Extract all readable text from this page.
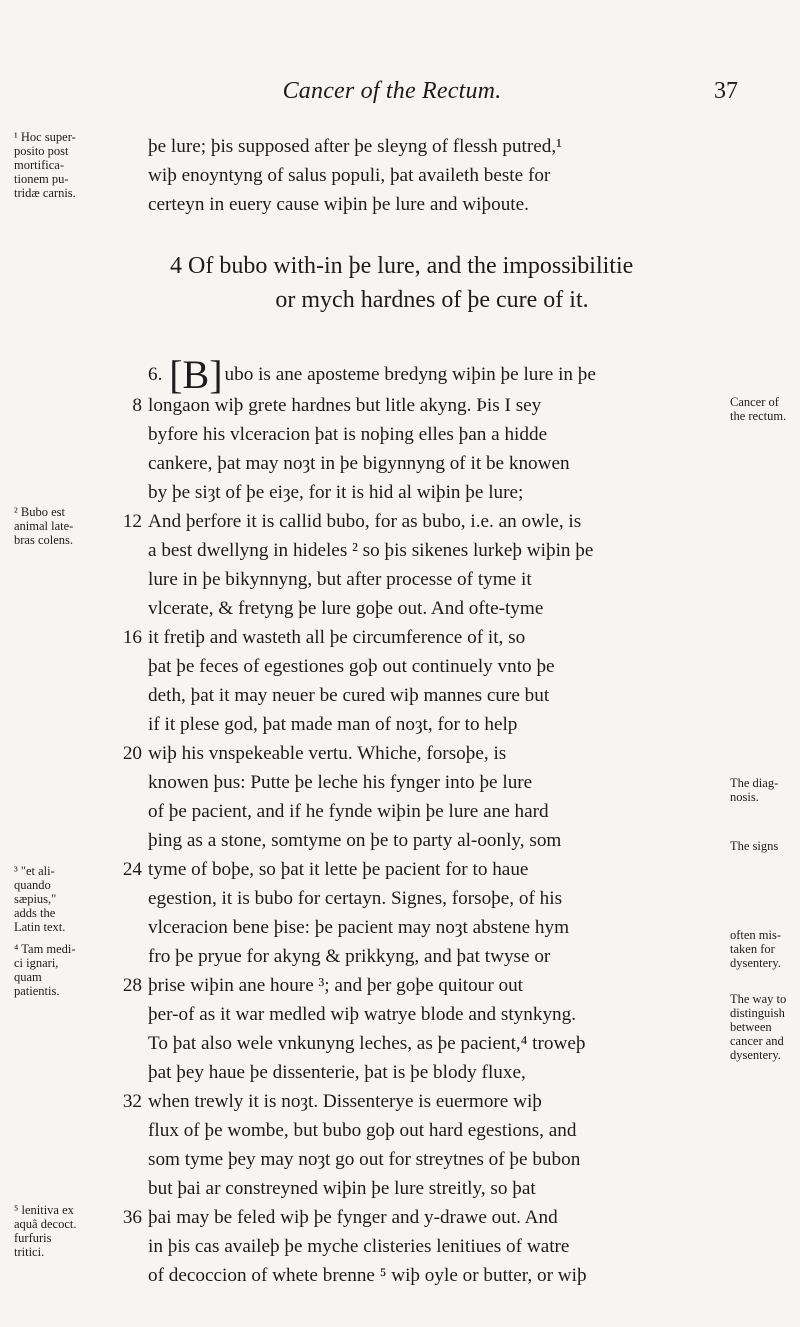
Cancer of the Rectum.	37
þe lure; þis supposed after þe sleyng of flessh putred,¹
wiþ enoyntyng of salus populi, þat availeth beste for
certeyn in euery cause wiþin þe lure and wiþoute.
4 Of bubo with-in þe lure, and the impossibilitie
or mych hardnes of þe cure of it.
6. [B] ubo is ane aposteme bredyng wiþin þe lure in þe
longaon wiþ grete hardnes but litle akyng. Þis I sey
byfore his vlceracion þat is noþing elles þan a hidde
cankere, þat may noȝt in þe bigynnyng of it be knowen
by þe siȝt of þe eiȝe, for it is hid al wiþin þe lure;
And þerfore it is callid bubo, for as bubo, i.e. an owle, is
a best dwellyng in hideles ² so þis sikenes lurkeþ wiþin þe
lure in þe bikynnyng, but after processe of tyme it
vlcerate, & fretyng þe lure goþe out. And ofte-tyme
it fretiþ and wasteth all þe circumference of it, so
þat þe feces of egestiones goþ out continuely vnto þe
deth, þat it may neuer be cured wiþ mannes cure but
if it plese god, þat made man of noȝt, for to help
wiþ his vnspekeable vertu. Whiche, forsoþe, is
knowen þus: Putte þe leche his fynger into þe lure
of þe pacient, and if he fynde wiþin þe lure ane hard
þing as a stone, somtyme on þe to party al-oonly, som
tyme of boþe, so þat it lette þe pacient for to haue
egestion, it is bubo for certayn. Signes, forsoþe, of his
vlceracion bene þise: þe pacient may noȝt abstene hym
fro þe pryue for akyng & prikkyng, and þat twyse or
þrise wiþin ane houre ³; and þer goþe quitour out
þer-of as it war medled wiþ watrye blode and stynkyng.
To þat also wele vnkunyng leches, as þe pacient,⁴ troweþ
þat þey haue þe dissenterie, þat is þe blody fluxe,
when trewly it is noȝt. Dissenterye is euermore wiþ
flux of þe wombe, but bubo goþ out hard egestions, and
som tyme þey may noȝt go out for streytnes of þe bubon
but þai ar constreyned wiþin þe lure streitly, so þat
þai may be feled wiþ þe fynger and y-drawe out. And
in þis cas availeþ þe myche clisteries lenitiues of watre
of decoccion of whete brenne ⁵ wiþ oyle or butter, or wiþ
8
12
16
20
24
28
32
36
¹ Hoc super-
posito post
mortifica-
tionem pu-
tridæ carnis.
² Bubo est
animal late-
bras colens.
³ "et ali-
quando
sæpius,"
adds the
Latin text.
⁴ Tam medi-
ci ignari,
quam
patientis.
⁵ lenitiva ex
aquâ decoct.
furfuris
tritici.
Cancer of
the rectum.
The diag-
nosis.
The signs
often mis-
taken for
dysentery.
The way to
distinguish
between
cancer and
dysentery.
